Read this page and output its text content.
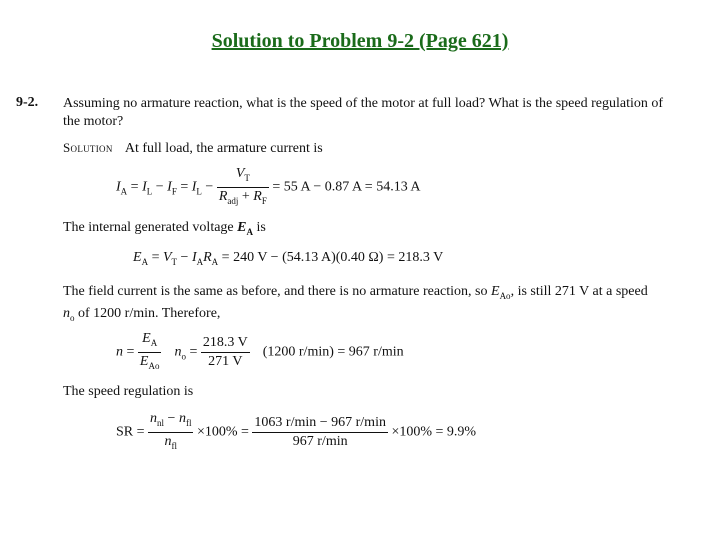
Solution to Problem 9-2 (Page 621)
9-2. Assuming no armature reaction, what is the speed of the motor at full load? What is the speed regulation of
the motor?
Solution At full load, the armature current is
$I_A = I_L - I_F = I_L - \frac{V_T}{R_{adj} + R_F} = 55$ A − 0.87 A = 54.13 A
The internal generated voltage $E_A$ is
$E_A = V_T - I_AR_A = 240$ V − (54.13 A)(0.40 Ω) = 218.3 V
The field current is the same as before, and there is no armature reaction, so $E_{Ao}$, is still 271 V at a speed
$n_o$ of 1200 r/min. Therefore,
$n = \frac{E_A}{E_{Ao}} n_o = \frac{218.3 V}{271 V} (1200$ r/min) = 967 r/min
The speed regulation is
SR = $\frac{n_{nl} - n_{fl}}{n_{fl}} \times 100\% = \frac{1063 r/\min - 967 r/\min}{967 r/\min} \times 100\% = 9.9\%$
